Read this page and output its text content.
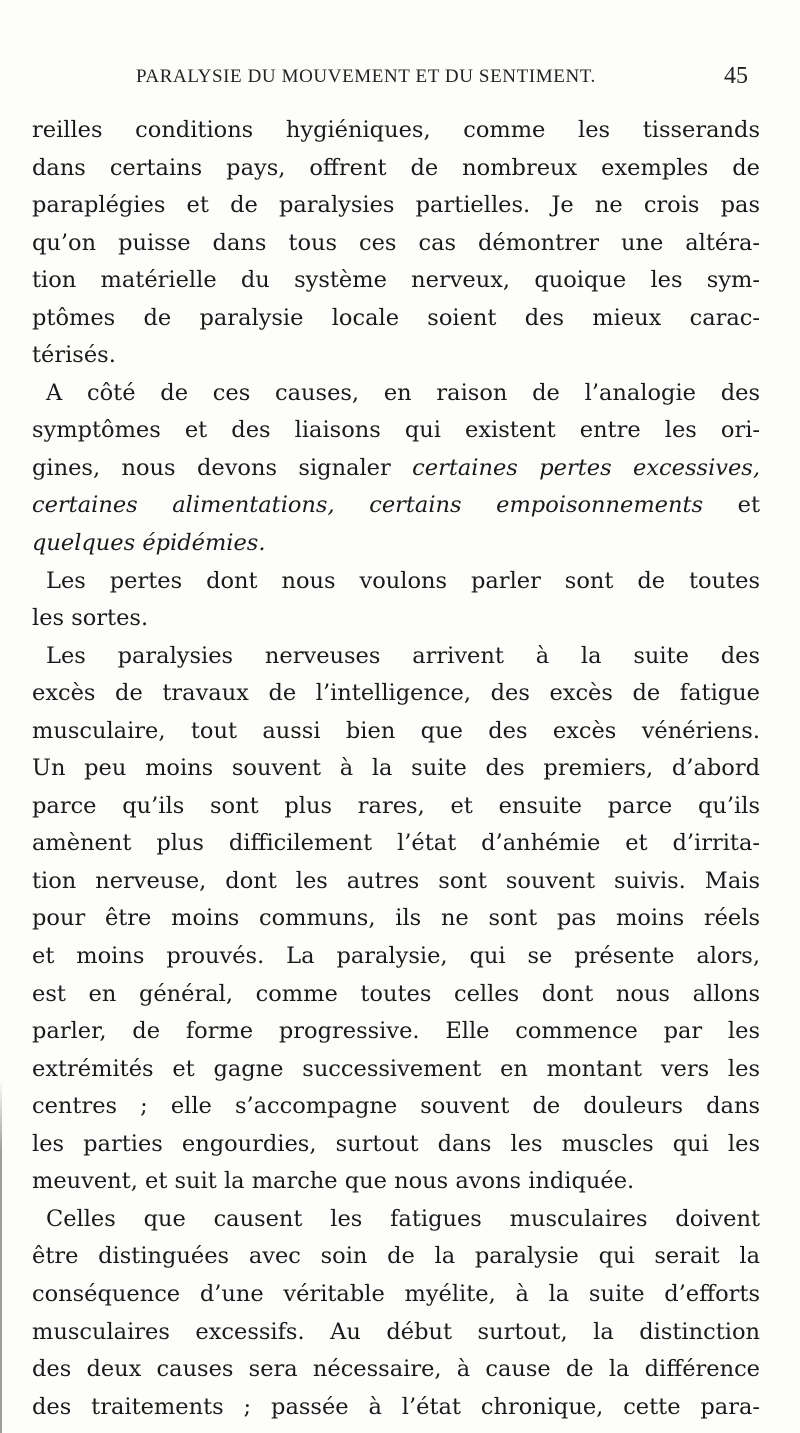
PARALYSIE DU MOUVEMENT ET DU SENTIMENT.	45
reilles conditions hygiéniques, comme les tisserands
dans certains pays, offrent de nombreux exemples de
paraplégies et de paralysies partielles. Je ne crois pas
qu’on puisse dans tous ces cas démontrer une altéra-
tion matérielle du système nerveux, quoique les sym-
ptômes de paralysie locale soient des mieux carac-
térisés.
A côté de ces causes, en raison de l’analogie des
symptômes et des liaisons qui existent entre les ori-
gines, nous devons signaler certaines pertes excessives,
certaines alimentations, certains empoisonnements et
quelques épidémies.
Les pertes dont nous voulons parler sont de toutes
les sortes.
Les paralysies nerveuses arrivent à la suite des
excès de travaux de l’intelligence, des excès de fatigue
musculaire, tout aussi bien que des excès vénériens.
Un peu moins souvent à la suite des premiers, d’abord
parce qu’ils sont plus rares, et ensuite parce qu’ils
amènent plus difficilement l’état d’anhémie et d’irrita-
tion nerveuse, dont les autres sont souvent suivis. Mais
pour être moins communs, ils ne sont pas moins réels
et moins prouvés. La paralysie, qui se présente alors,
est en général, comme toutes celles dont nous allons
parler, de forme progressive. Elle commence par les
extrémités et gagne successivement en montant vers les
centres ; elle s’accompagne souvent de douleurs dans
les parties engourdies, surtout dans les muscles qui les
meuvent, et suit la marche que nous avons indiquée.
Celles que causent les fatigues musculaires doivent
être distinguées avec soin de la paralysie qui serait la
conséquence d’une véritable myélite, à la suite d’efforts
musculaires excessifs. Au début surtout, la distinction
des deux causes sera nécessaire, à cause de la différence
des traitements ; passée à l’état chronique, cette para-
